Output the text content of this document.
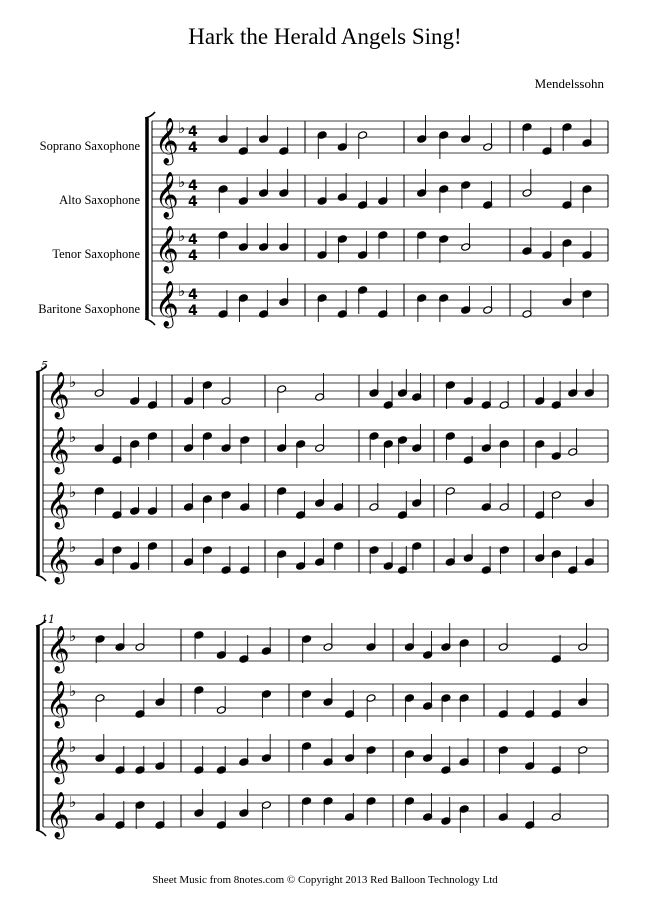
Hark the Herald Angels Sing!
Mendelssohn
Soprano Saxophone
Alto Saxophone
Tenor Saxophone
Baritone Saxophone
𝄞 ♭ 4
4
𝄞 ♭ 4
4
𝄞 ♭ 4
4
𝄞 ♭ 4
4
5
𝄞 ♭
𝄞 ♭
𝄞 ♭
𝄞 ♭
11
𝄞 ♭
𝄞 ♭
𝄞 ♭
𝄞 ♭
Sheet Music from 8notes.com © Copyright 2013 Red Balloon Technology Ltd
